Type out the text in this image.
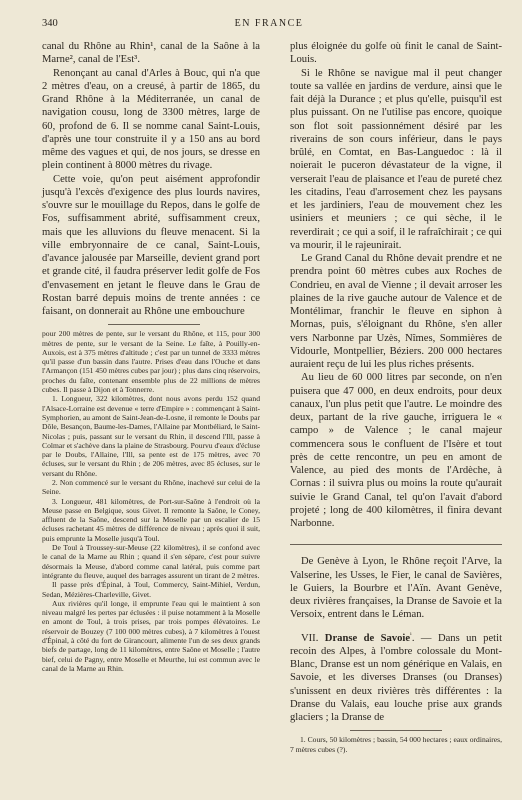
340	EN FRANCE

canal du Rhône au Rhin¹, canal de la Saône à la Marne², canal de l'Est³.

Renonçant au canal d'Arles à Bouc, qui n'a que 2 mètres d'eau, on a creusé, à partir de 1865, du Grand Rhône à la Méditerranée, un canal de navigation cousu, long de 3300 mètres, large de 60, profond de 6. Il se nomme canal Saint-Louis, d'après une tour construite il y a 150 ans au bord même des vagues et qui, de nos jours, se dresse en plein continent à 8000 mètres du rivage.

Cette voie, qu'on peut aisément approfondir jusqu'à l'excès d'exigence des plus lourds navires, s'ouvre sur le mouillage du Repos, dans le golfe de Fos, suffisamment abrité, suffisamment creux, mais que les alluvions du fleuve menacent. Si la ville embryonnaire de ce canal, Saint-Louis, d'avance jalousée par Marseille, devient grand port et grande cité, il faudra préserver ledit golfe de Fos d'envasement en jetant le fleuve dans le Grau de Rostan barré depuis moins de trente années : ce faisant, on donnerait au Rhône une embouchure

pour 200 mètres de pente, sur le versant du Rhône, et 115, pour 300 mètres de pente, sur le versant de la Seine. Le faîte, à Pouilly-en-Auxois, est à 375 mètres d'altitude ; c'est par un tunnel de 3333 mètres qu'il passe d'un bassin dans l'autre. Prises d'eau dans l'Ouche et dans l'Armançon (151 450 mètres cubes par jour) ; plus dans cinq réservoirs, proches du faîte, contenant ensemble plus de 22 millions de mètres cubes. Il passe à Dijon et à Tonnerre.

1. Longueur, 322 kilomètres, dont nous avons perdu 152 quand l'Alsace-Lorraine est devenue « terre d'Empire » : commençant à Saint-Symphorien, au amont de Saint-Jean-de-Losne, il remonte le Doubs par Dôle, Besançon, Baume-les-Dames, l'Allaine par Montbéliard, le Saint-Nicolas ; puis, passant sur le versant du Rhin, il descend l'Ill, passe à Colmar et s'achève dans la plaine de Strasbourg. Pourvu d'eaux d'écluse par le Doubs, l'Allaine, l'Ill, sa pente est de 175 mètres, avec 70 écluses, sur le versant du Rhin ; de 206 mètres, avec 85 écluses, sur le versant du Rhône.

2. Non commencé sur le versant du Rhône, inachevé sur celui de la Seine.

3. Longueur, 481 kilomètres, de Port-sur-Saône à l'endroit où la Meuse passe en Belgique, sous Givet. Il remonte la Saône, le Coney, affluent de la Saône, descend sur la Moselle par un escalier de 15 écluses rachetant 45 mètres de différence de niveau ; après quoi il suit, puis emprunte la Moselle jusqu'à Toul.

De Toul à Troussey-sur-Meuse (22 kilomètres), il se confond avec le canal de la Marne au Rhin ; quand il s'en sépare, c'est pour suivre désormais la Meuse, d'abord comme canal latéral, puis comme part intégrante du fleuve, auquel des barrages assurent un tirant de 2 mètres.

Il passe près d'Épinal, à Toul, Commercy, Saint-Mihiel, Verdun, Sedan, Mézières-Charleville, Givet.

Aux rivières qu'il longe, il emprunte l'eau qui le maintient à son niveau malgré les pertes par éclusées : il puise notamment à la Moselle en amont de Toul, à trois prises, par trois pompes élévatoires. Le réservoir de Bouzey (7 100 000 mètres cubes), à 7 kilomètres à l'ouest d'Épinal, à côté du fort de Girancourt, alimente l'un de ses deux grands biefs de partage, long de 11 kilomètres, entre Saône et Moselle ; l'autre bief, celui de Pagny, entre Moselle et Meurthe, lui est commun avec le canal de la Marne au Rhin.

plus éloignée du golfe où finit le canal de Saint-Louis.

Si le Rhône se navigue mal il peut changer toute sa vallée en jardins de verdure, ainsi que le fait déjà la Durance ; et plus qu'elle, puisqu'il est plus puissant. On ne l'utilise pas encore, quoique son flot soit passionnément désiré par les riverains de son cours inférieur, dans le pays brûlé, en Comtat, en Bas-Languedoc : là il noierait le puceron dévastateur de la vigne, il verserait l'eau de plaisance et l'eau de pureté chez les citadins, l'eau d'arrosement chez les paysans et les jardiniers, l'eau de mouvement chez les usiniers et meuniers ; ce qui sèche, il le reverdirait ; ce qui a soif, il le rafraîchirait ; ce qui va mourir, il le rajeunirait.

Le Grand Canal du Rhône devait prendre et ne prendra point 60 mètres cubes aux Roches de Condrieu, en aval de Vienne ; il devait arroser les plaines de la rive gauche autour de Valence et de Montélimar, franchir le fleuve en siphon à Mornas, puis, s'éloignant du Rhône, s'en aller vers Narbonne par Uzès, Nîmes, Sommières de Vidourle, Montpellier, Béziers. 200 000 hectares auraient reçu de lui les plus riches présents.

Au lieu de 60 000 litres par seconde, on n'en puisera que 47 000, en deux endroits, pour deux canaux, l'un plus petit que l'autre. Le moindre des deux, partant de la rive gauche, irriguera le « campo » de Valence ; le canal majeur commencera sous le confluent de l'Isère et tout près de cette rencontre, un peu en amont de Valence, au pied des monts de l'Ardèche, à Cornas : il suivra plus ou moins la route qu'aurait suivie le Grand Canal, tel qu'on l'avait d'abord projeté ; long de 400 kilomètres, il finira devant Narbonne.

De Genève à Lyon, le Rhône reçoit l'Arve, la Valserine, les Usses, le Fier, le canal de Savières, le Guiers, la Bourbre et l'Aïn. Avant Genève, deux rivières françaises, la Dranse de Savoie et la Versoix, entrent dans le Léman.

VII. Dranse de Savoie$^{^1}$. — Dans un petit recoin des Alpes, à l'ombre colossale du Mont-Blanc, Dranse est un nom générique en Valais, en Savoie, et les diverses Dranses (ou Dranses) s'unissent en deux rivières très différentes : la Dranse du Valais, eau louche prise aux grands glaciers ; la Dranse de

1. Cours, 50 kilomètres ; bassin, 54 000 hectares ; eaux ordinaires, 7 mètres cubes (?).
